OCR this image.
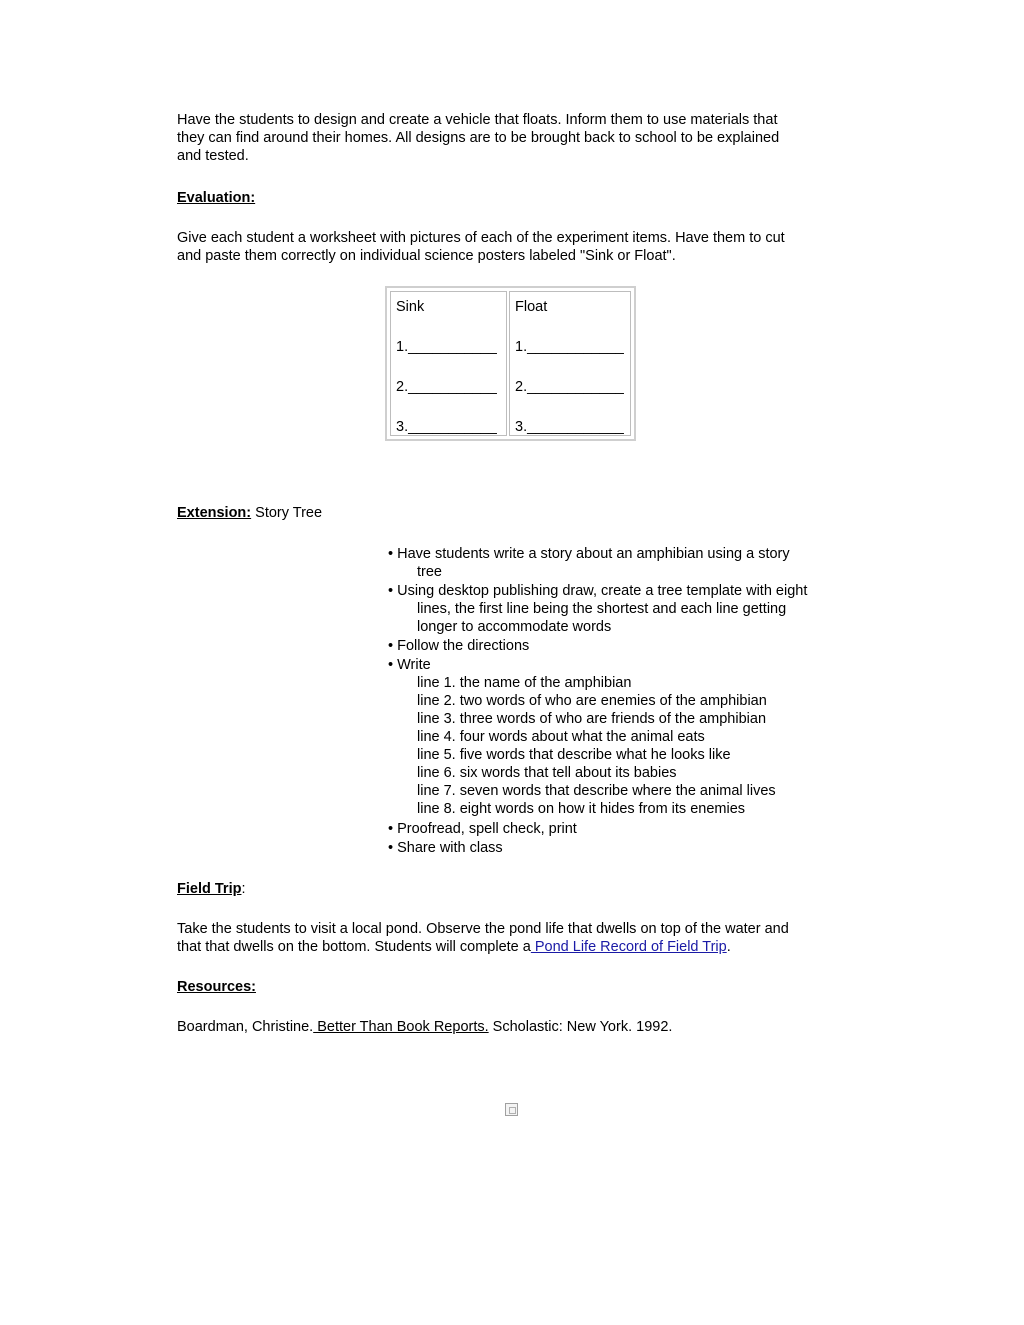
Have the students to design and create a vehicle that floats. Inform them to use materials that
they can find around their homes. All designs are to be brought back to school to be explained
and tested.
Evaluation:
Give each student a worksheet with pictures of each of the experiment items. Have them to cut
and paste them correctly on individual science posters labeled "Sink or Float".
Sink
1.___________
2.___________
3.___________
Float
1.____________
2.____________
3.____________
Extension: Story Tree
• Have students write a story about an amphibian using a story
tree
• Using desktop publishing draw, create a tree template with eight
lines, the first line being the shortest and each line getting
longer to accommodate words
• Follow the directions
• Write
line 1. the name of the amphibian
line 2. two words of who are enemies of the amphibian
line 3. three words of who are friends of the amphibian
line 4. four words about what the animal eats
line 5. five words that describe what he looks like
line 6. six words that tell about its babies
line 7. seven words that describe where the animal lives
line 8. eight words on how it hides from its enemies
• Proofread, spell check, print
• Share with class
Field Trip:
Take the students to visit a local pond. Observe the pond life that dwells on top of the water and
that that dwells on the bottom. Students will complete a Pond Life Record of Field Trip.
Resources:
Boardman, Christine. Better Than Book Reports. Scholastic: New York. 1992.
